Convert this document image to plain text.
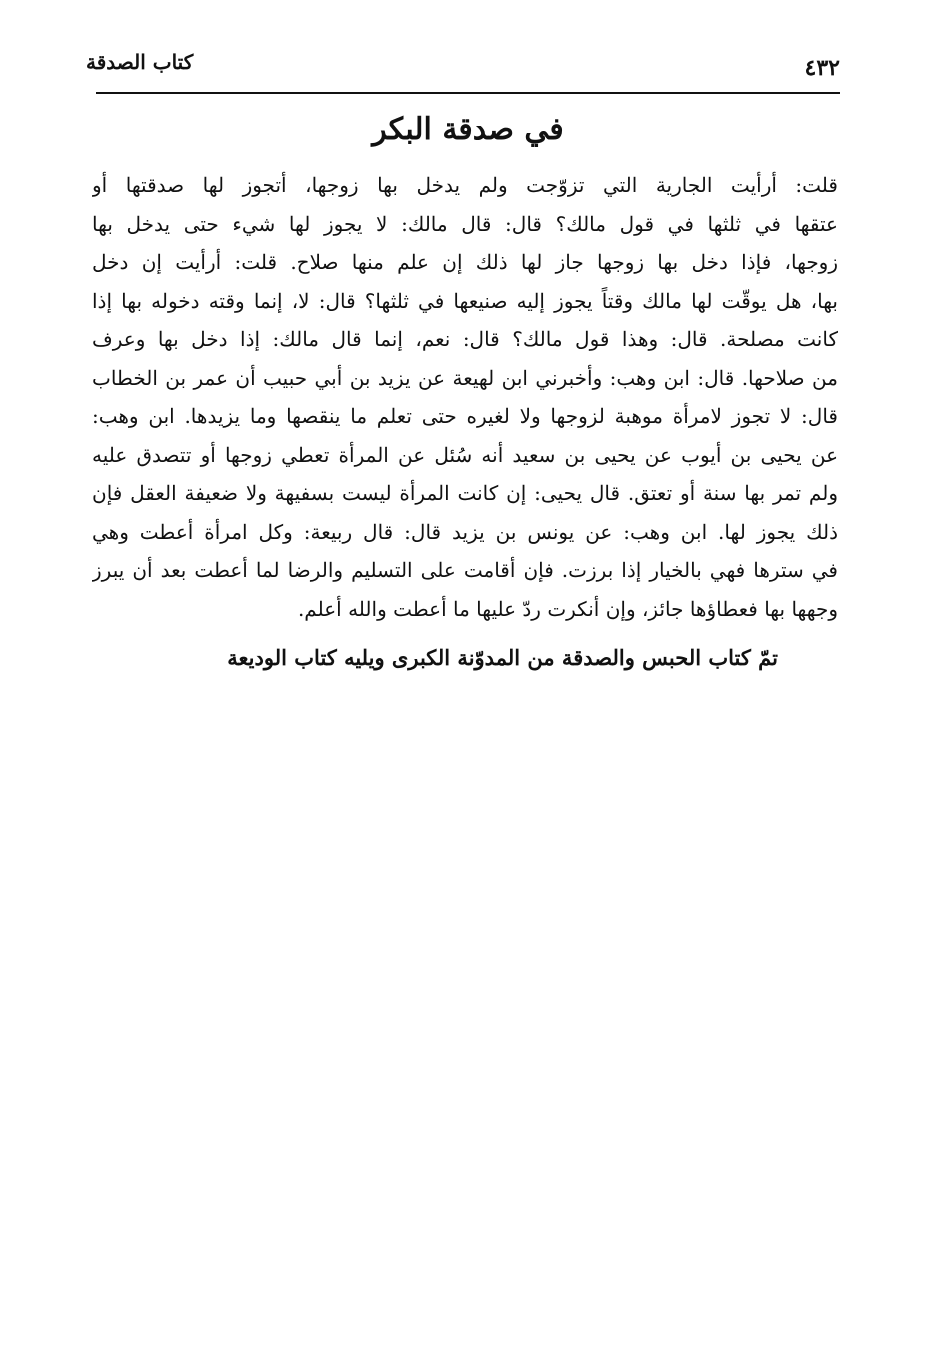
كتاب الصدقة	٤٣٢
في صدقة البكر
قلت: أرأيت الجارية التي تزوّجت ولم يدخل بها زوجها، أتجوز لها صدقتها أو
عتقها في ثلثها في قول مالك؟ قال: قال مالك: لا يجوز لها شيء حتى يدخل بها
زوجها، فإذا دخل بها زوجها جاز لها ذلك إن علم منها صلاح. قلت: أرأيت إن دخل
بها، هل يوقّت لها مالك وقتاً يجوز إليه صنيعها في ثلثها؟ قال: لا، إنما وقته دخوله بها إذا
كانت مصلحة. قال: وهذا قول مالك؟ قال: نعم، إنما قال مالك: إذا دخل بها وعرف
من صلاحها. قال: ابن وهب: وأخبرني ابن لهيعة عن يزيد بن أبي حبيب أن عمر بن الخطاب
قال: لا تجوز لامرأة موهبة لزوجها ولا لغيره حتى تعلم ما ينقصها وما يزيدها. ابن وهب:
عن يحيى بن أيوب عن يحيى بن سعيد أنه سُئل عن المرأة تعطي زوجها أو تتصدق عليه
ولم تمر بها سنة أو تعتق. قال يحيى: إن كانت المرأة ليست بسفيهة ولا ضعيفة العقل فإن
ذلك يجوز لها. ابن وهب: عن يونس بن يزيد قال: قال ربيعة: وكل امرأة أعطت وهي
في سترها فهي بالخيار إذا برزت. فإن أقامت على التسليم والرضا لما أعطت بعد أن يبرز
وجهها بها فعطاؤها جائز، وإن أنكرت ردّ عليها ما أعطت والله أعلم.
تمّ كتاب الحبس والصدقة من المدوّنة الكبرى ويليه كتاب الوديعة
